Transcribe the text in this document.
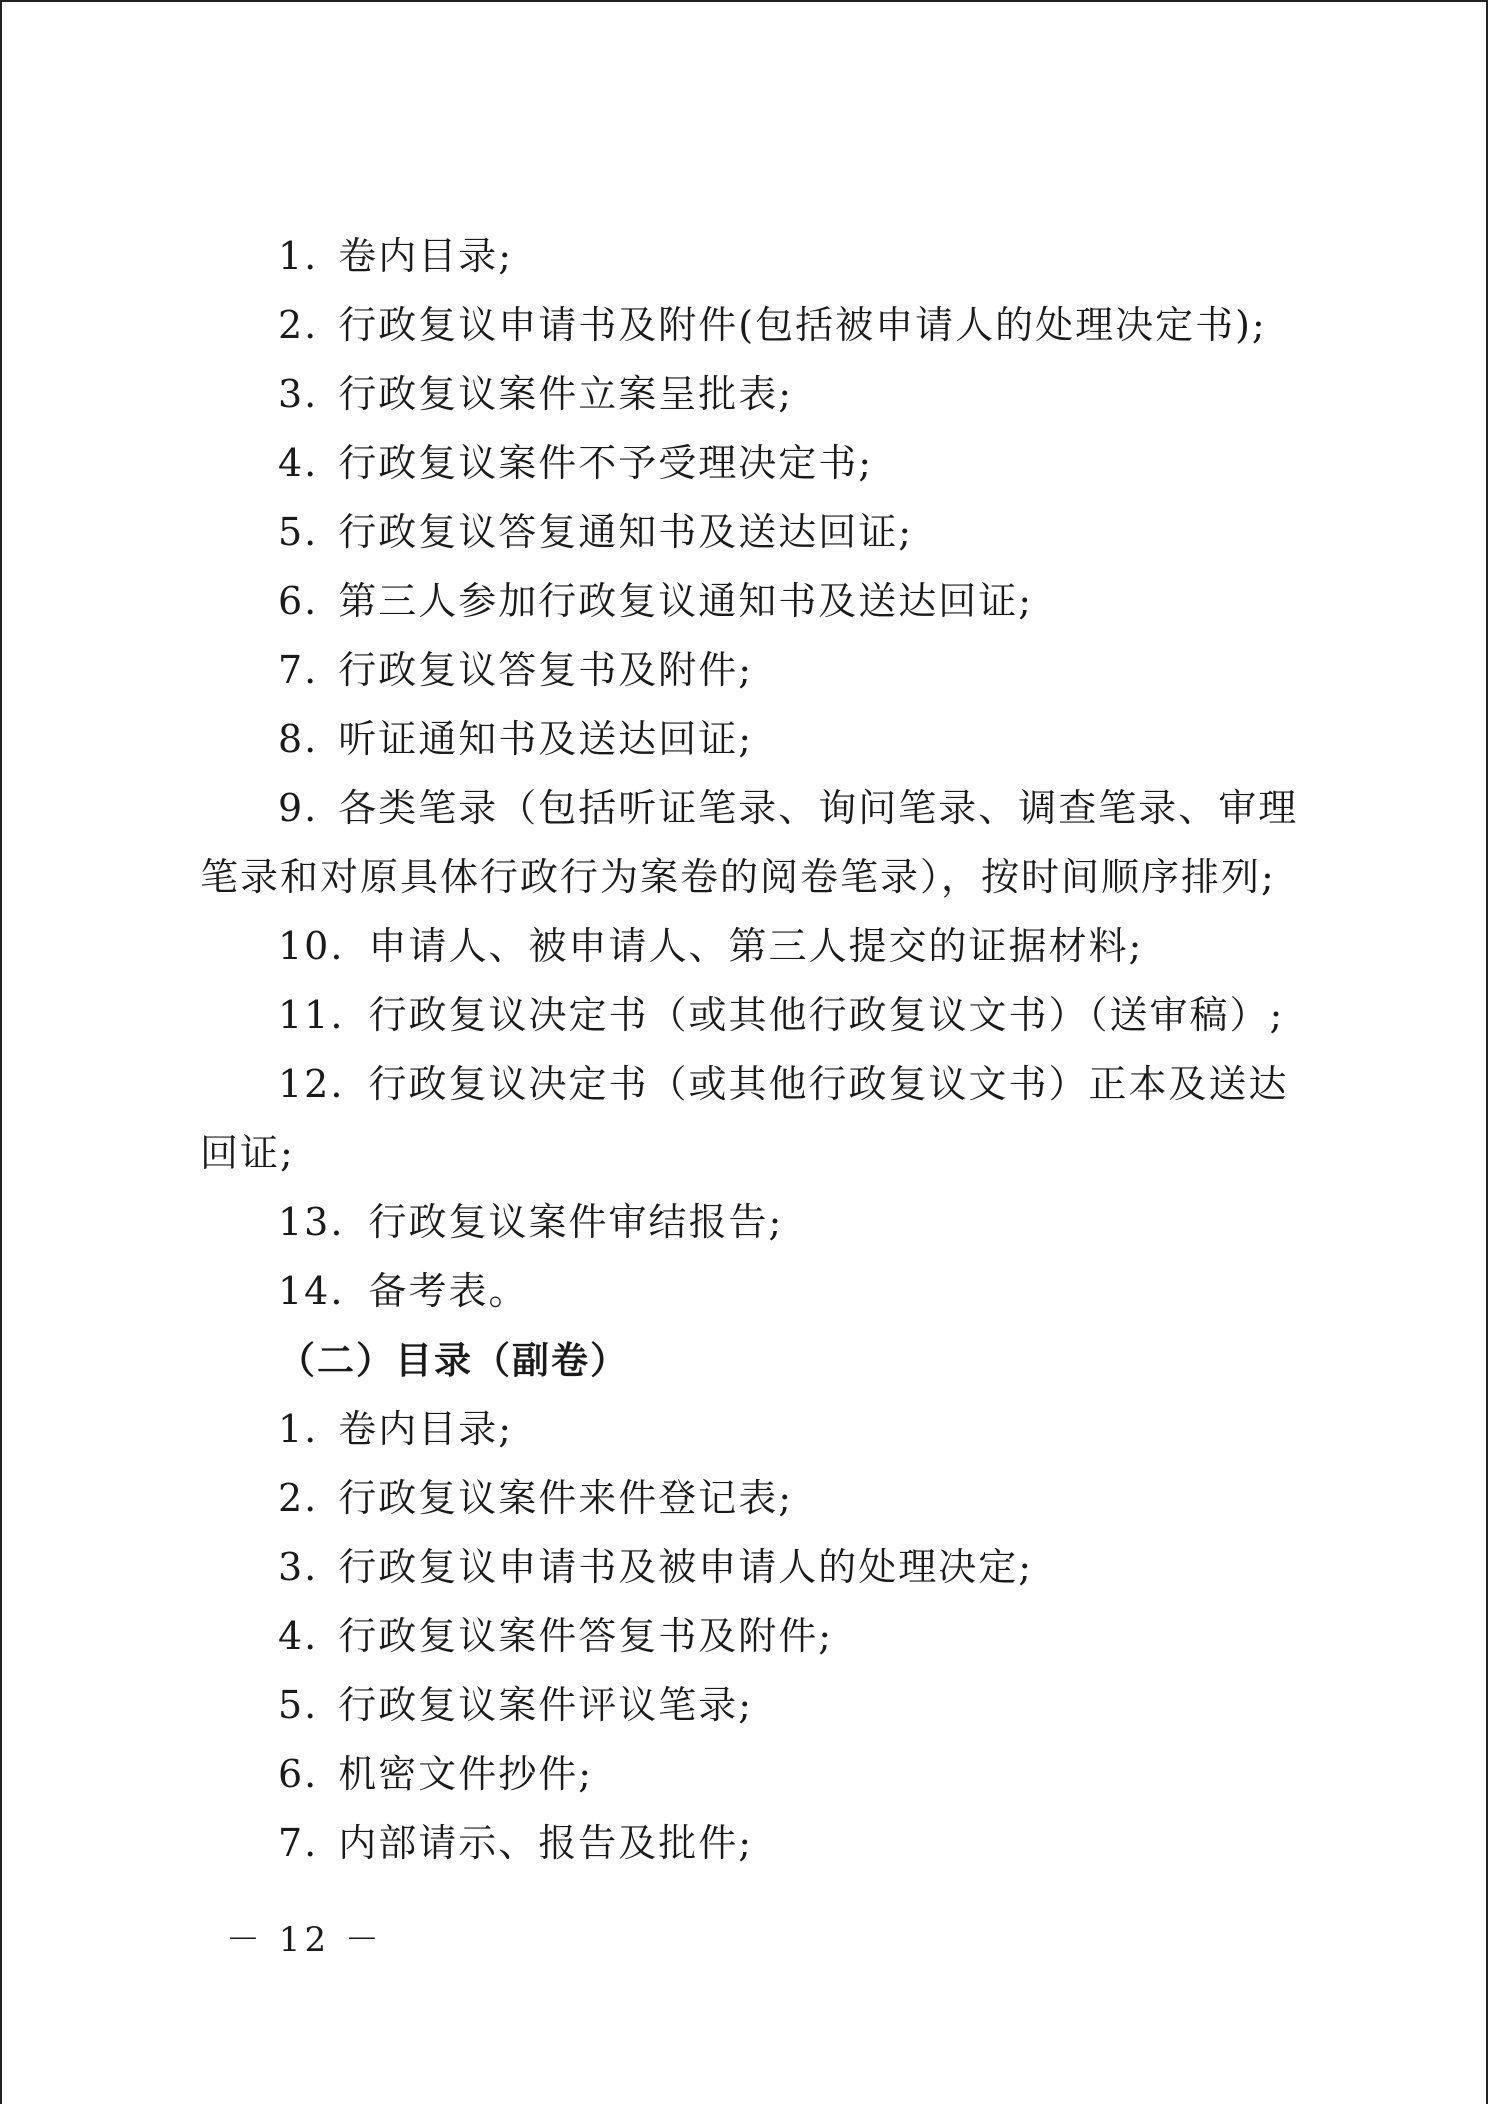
1. 卷内目录;
2. 行政复议申请书及附件(包括被申请人的处理决定书);
3. 行政复议案件立案呈批表;
4. 行政复议案件不予受理决定书;
5. 行政复议答复通知书及送达回证;
6. 第三人参加行政复议通知书及送达回证;
7. 行政复议答复书及附件;
8. 听证通知书及送达回证;
9. 各类笔录（包括听证笔录、询问笔录、调查笔录、审理
笔录和对原具体行政行为案卷的阅卷笔录），按时间顺序排列;
10. 申请人、被申请人、第三人提交的证据材料;
11. 行政复议决定书（或其他行政复议文书）（送审稿）;
12. 行政复议决定书（或其他行政复议文书）正本及送达
回证;
13. 行政复议案件审结报告;
14. 备考表。
（二）目录（副卷）
1. 卷内目录;
2. 行政复议案件来件登记表;
3. 行政复议申请书及被申请人的处理决定;
4. 行政复议案件答复书及附件;
5. 行政复议案件评议笔录;
6. 机密文件抄件;
7. 内部请示、报告及批件;
－ 12 －
